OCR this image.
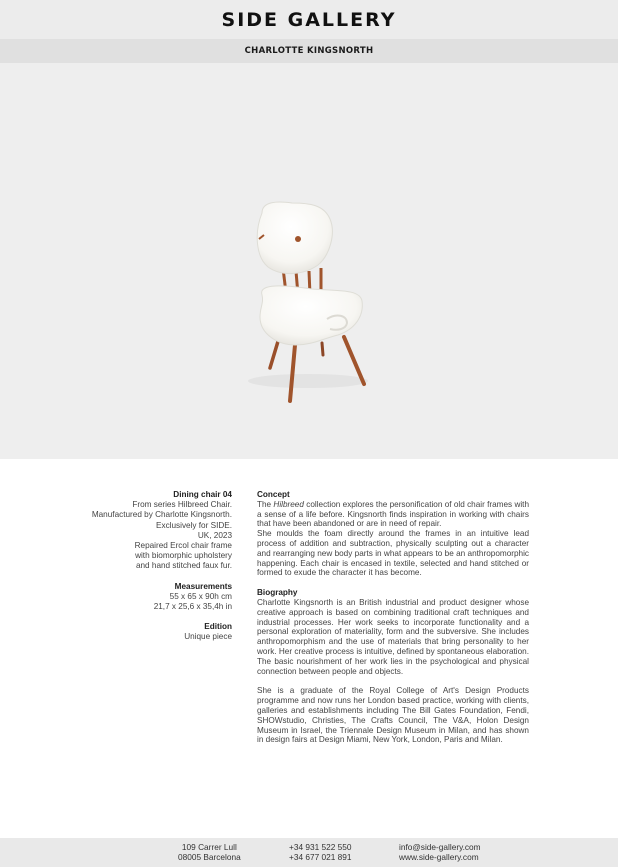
SIDE GALLERY
CHARLOTTE KINGSNORTH
Dining chair 04
From series Hilbreed Chair.
Manufactured by Charlotte Kingsnorth.
Exclusively for SIDE.
UK, 2023
Repaired Ercol chair frame
with biomorphic upholstery
and hand stitched faux fur.
Measurements
55 x 65 x 90h cm
21,7 x 25,6 x 35,4h in
Edition
Unique piece
Concept

The Hilbreed collection explores the personification of old chair frames with a sense of a life before. Kingsnorth finds inspiration in working with chairs that have been abandoned or are in need of repair.

She moulds the foam directly around the frames in an intuitive lead process of addition and subtraction, physically sculpting out a character and rearranging new body parts in what appears to be an anthropomorphic happening. Each chair is encased in textile, selected and hand stitched or formed to exude the character it has become.

Biography

Charlotte Kingsnorth is an British industrial and product designer whose creative approach is based on combining traditional craft techniques and industrial processes. Her work seeks to incorporate functionality and a personal exploration of materiality, form and the subversive. She includes anthropomorphism and the use of materials that bring personality to her work. Her creative process is intuitive, defined by spontaneous elaboration. The basic nourishment of her work lies in the psychological and physical connection between people and objects.

She is a graduate of the Royal College of Art's Design Products programme and now runs her London based practice, working with clients, galleries and establishments including The Bill Gates Foundation, Fendi, SHOWstudio, Christies, The Crafts Council, The V&A, Holon Design Museum in Israel, the Triennale Design Museum in Milan, and has shown in design fairs at Design Miami, New York, London, Paris and Milan.

109 Carrer Lull
08005 Barcelona
+34 931 522 550
+34 677 021 891
info@side-gallery.com
www.side-gallery.com
